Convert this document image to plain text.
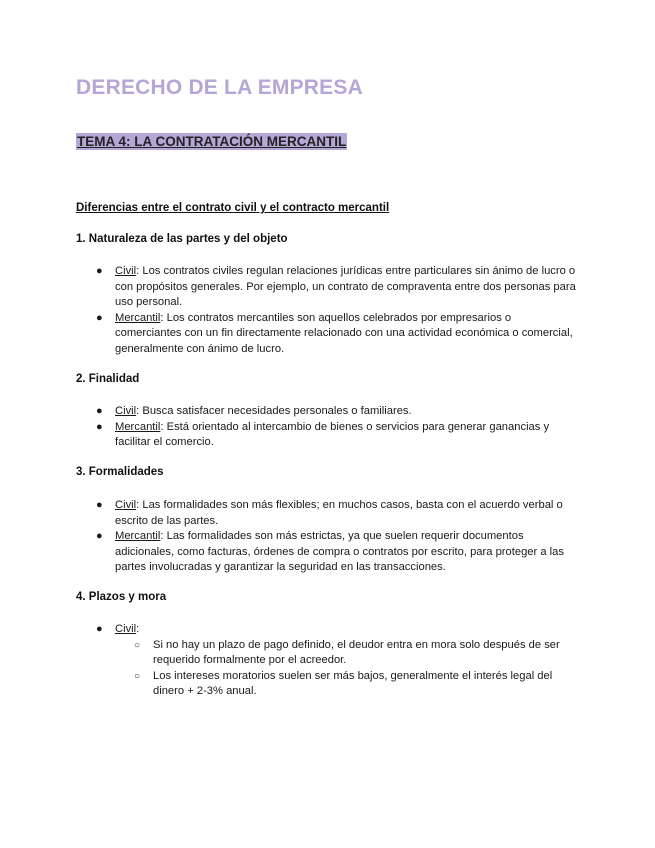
DERECHO DE LA EMPRESA
TEMA 4: LA CONTRATACIÓN MERCANTIL
Diferencias entre el contrato civil y el contracto mercantil
1. Naturaleza de las partes y del objeto
● Civil: Los contratos civiles regulan relaciones jurídicas entre particulares sin ánimo de lucro o con propósitos generales. Por ejemplo, un contrato de compraventa entre dos personas para uso personal.
● Mercantil: Los contratos mercantiles son aquellos celebrados por empresarios o comerciantes con un fin directamente relacionado con una actividad económica o comercial, generalmente con ánimo de lucro.
2. Finalidad
● Civil: Busca satisfacer necesidades personales o familiares.
● Mercantil: Está orientado al intercambio de bienes o servicios para generar ganancias y facilitar el comercio.
3. Formalidades
● Civil: Las formalidades son más flexibles; en muchos casos, basta con el acuerdo verbal o escrito de las partes.
● Mercantil: Las formalidades son más estrictas, ya que suelen requerir documentos adicionales, como facturas, órdenes de compra o contratos por escrito, para proteger a las partes involucradas y garantizar la seguridad en las transacciones.
4. Plazos y mora
● Civil:
○ Si no hay un plazo de pago definido, el deudor entra en mora solo después de ser requerido formalmente por el acreedor.
○ Los intereses moratorios suelen ser más bajos, generalmente el interés legal del dinero + 2-3% anual.
